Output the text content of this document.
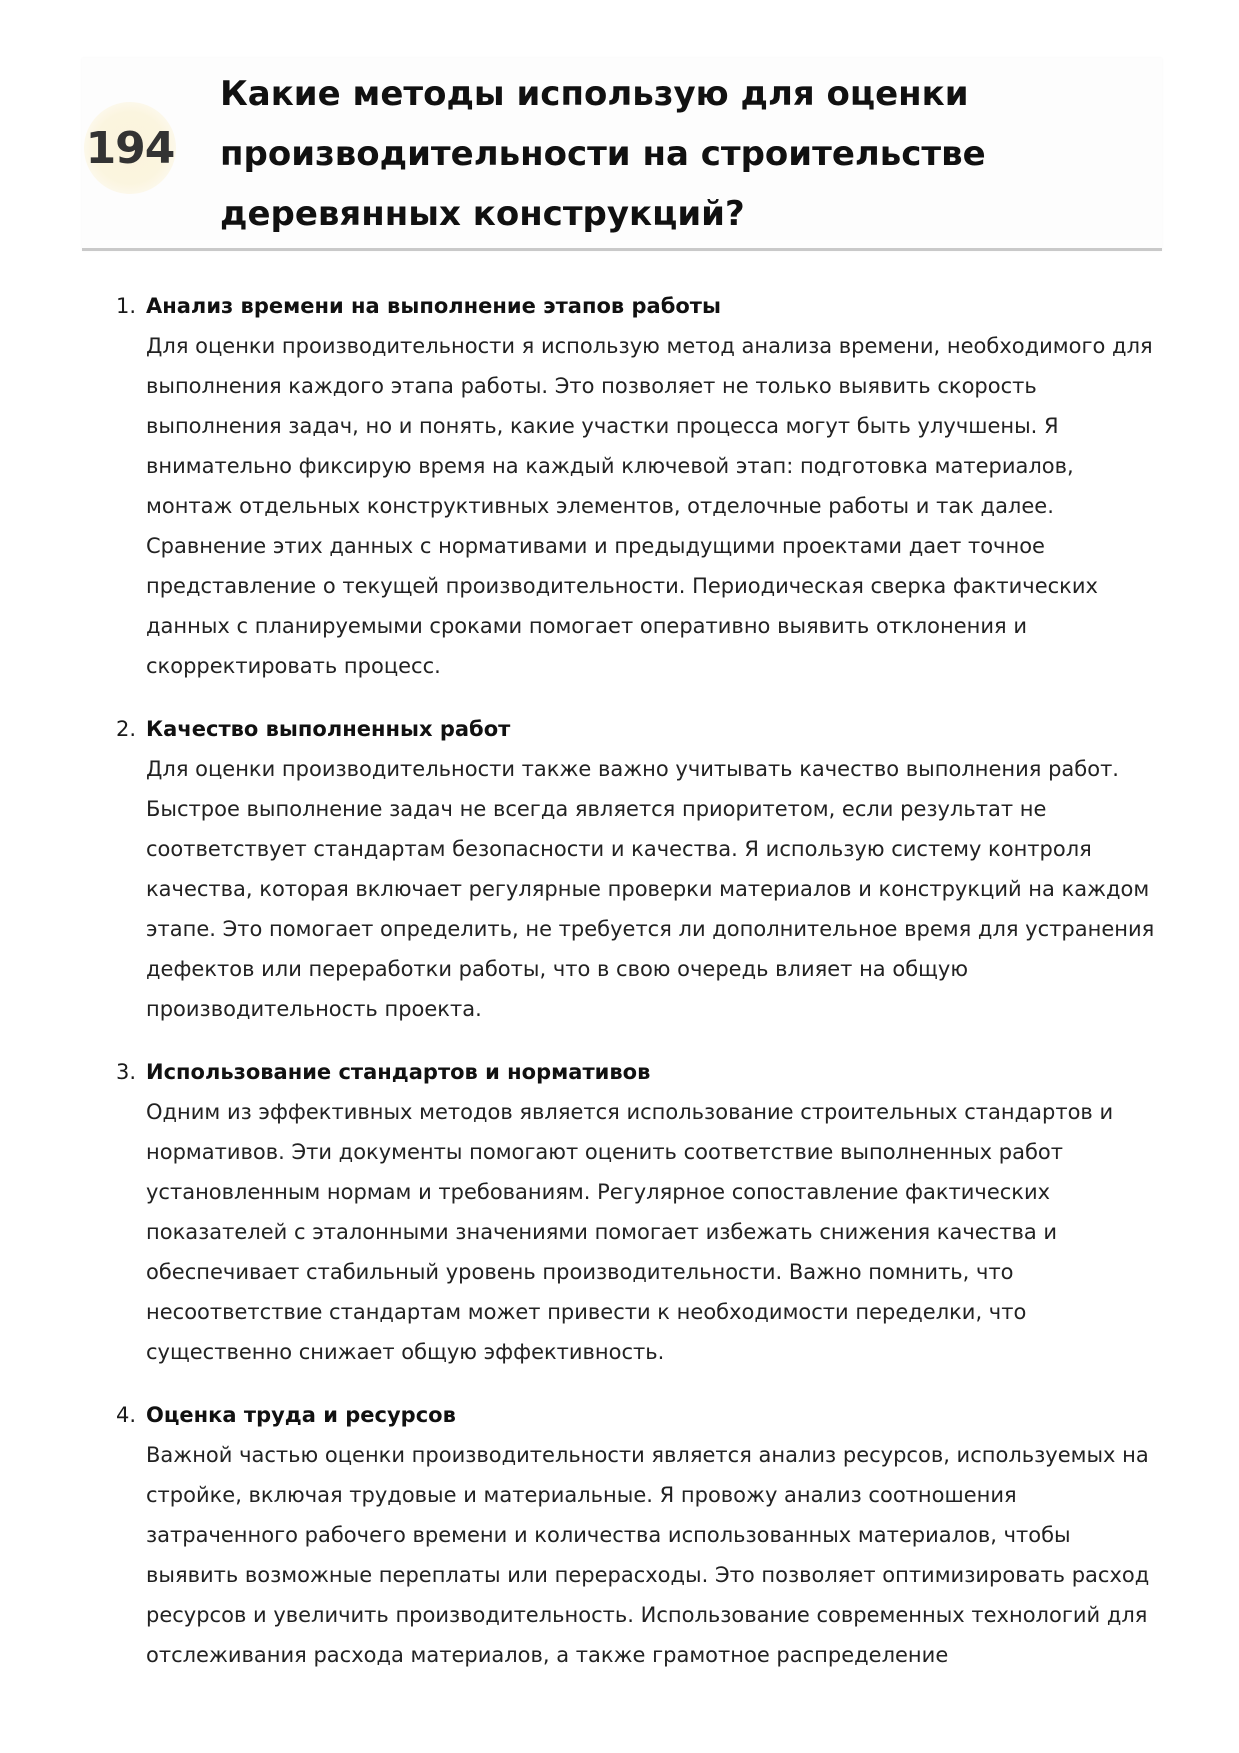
194
Какие методы использую для оценки производительности на строительстве деревянных конструкций?
1. Анализ времени на выполнение этапов работы

Для оценки производительности я использую метод анализа времени, необходимого для выполнения каждого этапа работы. Это позволяет не только выявить скорость выполнения задач, но и понять, какие участки процесса могут быть улучшены. Я внимательно фиксирую время на каждый ключевой этап: подготовка материалов, монтаж отдельных конструктивных элементов, отделочные работы и так далее. Сравнение этих данных с нормативами и предыдущими проектами дает точное представление о текущей производительности. Периодическая сверка фактических данных с планируемыми сроками помогает оперативно выявить отклонения и скорректировать процесс.

2. Качество выполненных работ

Для оценки производительности также важно учитывать качество выполнения работ. Быстрое выполнение задач не всегда является приоритетом, если результат не соответствует стандартам безопасности и качества. Я использую систему контроля качества, которая включает регулярные проверки материалов и конструкций на каждом этапе. Это помогает определить, не требуется ли дополнительное время для устранения дефектов или переработки работы, что в свою очередь влияет на общую производительность проекта.

3. Использование стандартов и нормативов

Одним из эффективных методов является использование строительных стандартов и нормативов. Эти документы помогают оценить соответствие выполненных работ установленным нормам и требованиям. Регулярное сопоставление фактических показателей с эталонными значениями помогает избежать снижения качества и обеспечивает стабильный уровень производительности. Важно помнить, что несоответствие стандартам может привести к необходимости переделки, что существенно снижает общую эффективность.

4. Оценка труда и ресурсов

Важной частью оценки производительности является анализ ресурсов, используемых на стройке, включая трудовые и материальные. Я провожу анализ соотношения затраченного рабочего времени и количества использованных материалов, чтобы выявить возможные переплаты или перерасходы. Это позволяет оптимизировать расход ресурсов и увеличить производительность. Использование современных технологий для отслеживания расхода материалов, а также грамотное распределение
